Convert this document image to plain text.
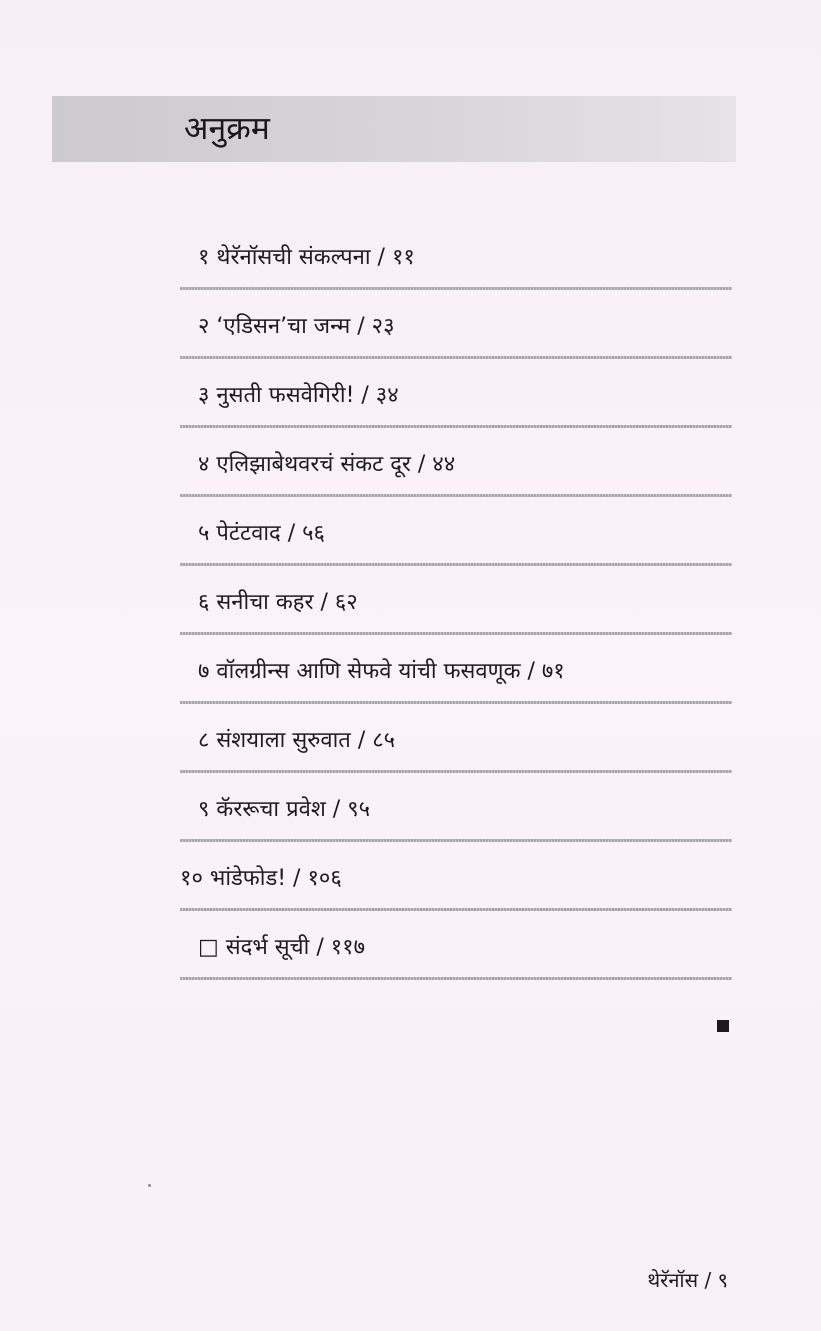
अनुक्रम
१ थेरॅनॉसची संकल्पना / ११
२ ‘एडिसन’चा जन्म / २३
३ नुसती फसवेगिरी! / ३४
४ एलिझाबेथवरचं संकट दूर / ४४
५ पेटंटवाद / ५६
६ सनीचा कहर / ६२
७ वॉलग्रीन्स आणि सेफवे यांची फसवणूक / ७१
८ संशयाला सुरुवात / ८५
९ कॅररूचा प्रवेश / ९५
१० भांडेफोड! / १०६
□ संदर्भ सूची / ११७
थेरॅनॉस / ९
